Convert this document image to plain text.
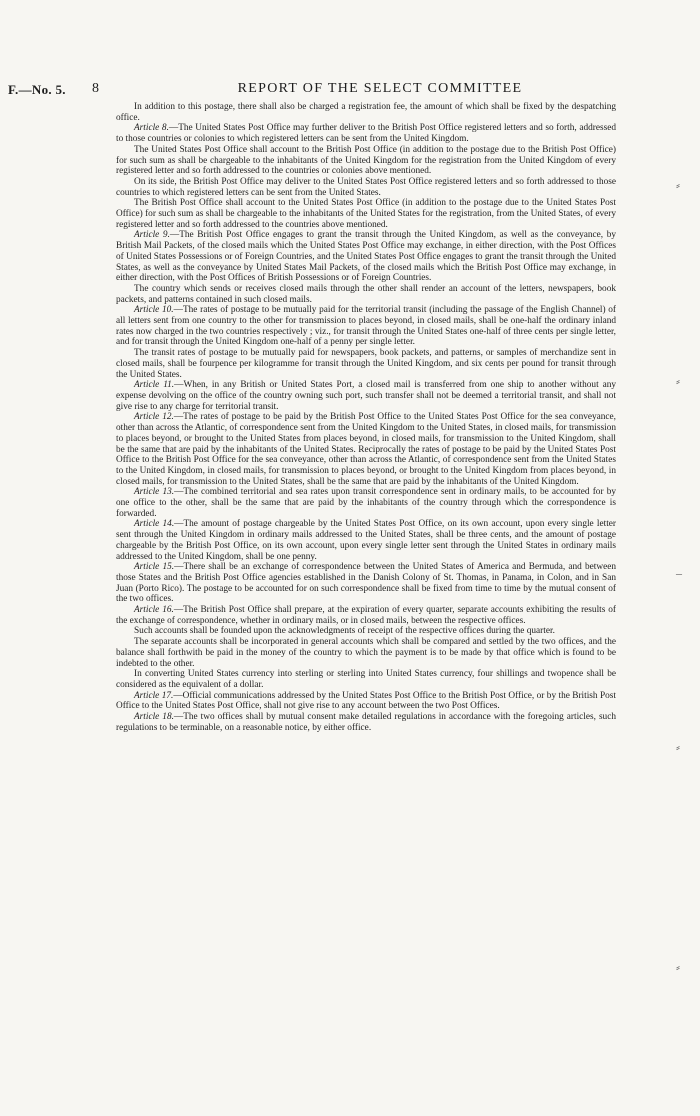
F.—No. 5. 8	REPORT OF THE SELECT COMMITTEE

In addition to this postage, there shall also be charged a registration fee, the amount of which shall be fixed by the despatching office.

Article 8.—The United States Post Office may further deliver to the British Post Office registered letters and so forth, addressed to those countries or colonies to which registered letters can be sent from the United Kingdom.

The United States Post Office shall account to the British Post Office (in addition to the postage due to the British Post Office) for such sum as shall be chargeable to the inhabitants of the United Kingdom for the registration from the United Kingdom of every registered letter and so forth addressed to the countries or colonies above mentioned.

On its side, the British Post Office may deliver to the United States Post Office registered letters and so forth addressed to those countries to which registered letters can be sent from the United States.

The British Post Office shall account to the United States Post Office (in addition to the postage due to the United States Post Office) for such sum as shall be chargeable to the inhabitants of the United States for the registration, from the United States, of every registered letter and so forth addressed to the countries above mentioned.

Article 9.—The British Post Office engages to grant the transit through the United Kingdom, as well as the conveyance, by British Mail Packets, of the closed mails which the United States Post Office may exchange, in either direction, with the Post Offices of United States Possessions or of Foreign Countries, and the United States Post Office engages to grant the transit through the United States, as well as the conveyance by United States Mail Packets, of the closed mails which the British Post Office may exchange, in either direction, with the Post Offices of British Possessions or of Foreign Countries.

The country which sends or receives closed mails through the other shall render an account of the letters, newspapers, book packets, and patterns contained in such closed mails.

Article 10.—The rates of postage to be mutually paid for the territorial transit (including the passage of the English Channel) of all letters sent from one country to the other for transmission to places beyond, in closed mails, shall be one-half the ordinary inland rates now charged in the two countries respectively ; viz., for transit through the United States one-half of three cents per single letter, and for transit through the United Kingdom one-half of a penny per single letter.

The transit rates of postage to be mutually paid for newspapers, book packets, and patterns, or samples of merchandize sent in closed mails, shall be fourpence per kilogramme for transit through the United Kingdom, and six cents per pound for transit through the United States.

Article 11.—When, in any British or United States Port, a closed mail is transferred from one ship to another without any expense devolving on the office of the country owning such port, such transfer shall not be deemed a territorial transit, and shall not give rise to any charge for territorial transit.

Article 12.—The rates of postage to be paid by the British Post Office to the United States Post Office for the sea conveyance, other than across the Atlantic, of correspondence sent from the United Kingdom to the United States, in closed mails, for transmission to places beyond, or brought to the United States from places beyond, in closed mails, for transmission to the United Kingdom, shall be the same that are paid by the inhabitants of the United States. Reciprocally the rates of postage to be paid by the United States Post Office to the British Post Office for the sea conveyance, other than across the Atlantic, of correspondence sent from the United States to the United Kingdom, in closed mails, for transmission to places beyond, or brought to the United Kingdom from places beyond, in closed mails, for transmission to the United States, shall be the same that are paid by the inhabitants of the United Kingdom.

Article 13.—The combined territorial and sea rates upon transit correspondence sent in ordinary mails, to be accounted for by one office to the other, shall be the same that are paid by the inhabitants of the country through which the correspondence is forwarded.

Article 14.—The amount of postage chargeable by the United States Post Office, on its own account, upon every single letter sent through the United Kingdom in ordinary mails addressed to the United States, shall be three cents, and the amount of postage chargeable by the British Post Office, on its own account, upon every single letter sent through the United States in ordinary mails addressed to the United Kingdom, shall be one penny.

Article 15.—There shall be an exchange of correspondence between the United States of America and Bermuda, and between those States and the British Post Office agencies established in the Danish Colony of St. Thomas, in Panama, in Colon, and in San Juan (Porto Rico). The postage to be accounted for on such correspondence shall be fixed from time to time by the mutual consent of the two offices.

Article 16.—The British Post Office shall prepare, at the expiration of every quarter, separate accounts exhibiting the results of the exchange of correspondence, whether in ordinary mails, or in closed mails, between the respective offices.

Such accounts shall be founded upon the acknowledgments of receipt of the respective offices during the quarter.

The separate accounts shall be incorporated in general accounts which shall be compared and settled by the two offices, and the balance shall forthwith be paid in the money of the country to which the payment is to be made by that office which is found to be indebted to the other.

In converting United States currency into sterling or sterling into United States currency, four shillings and twopence shall be considered as the equivalent of a dollar.

Article 17.—Official communications addressed by the United States Post Office to the British Post Office, or by the British Post Office to the United States Post Office, shall not give rise to any account between the two Post Offices.

Article 18.—The two offices shall by mutual consent make detailed regulations in accordance with the foregoing articles, such regulations to be terminable, on a reasonable notice, by either office.

⸗
⸗
–
⸗
⸗
